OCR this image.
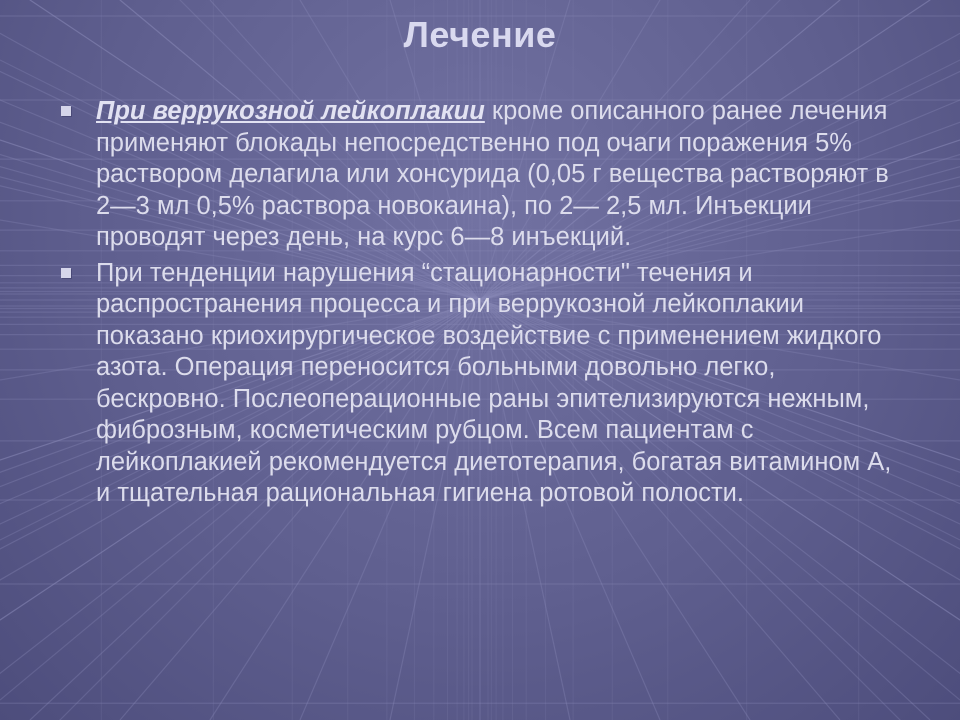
Лечение
При веррукозной лейкоплакии кроме описанного ранее лечения применяют блокады непосредственно под очаги поражения 5% раствором делагила или хонсурида (0,05 г вещества растворяют в 2—3 мл 0,5% раствора новокаина), по 2— 2,5 мл. Инъекции проводят через день, на курс 6—8 инъекций.
При тенденции нарушения “стационарности" течения и распространения процесса и при веррукозной лейкоплакии показано криохирургическое воздействие с применением жидкого азота. Операция переносится больными довольно легко, бескровно. Послеоперационные раны эпителизируются нежным, фиброзным, косметическим рубцом. Всем пациентам с лейкоплакией рекомендуется диетотерапия, богатая витамином А, и тщательная рациональная гигиена ротовой полости.
